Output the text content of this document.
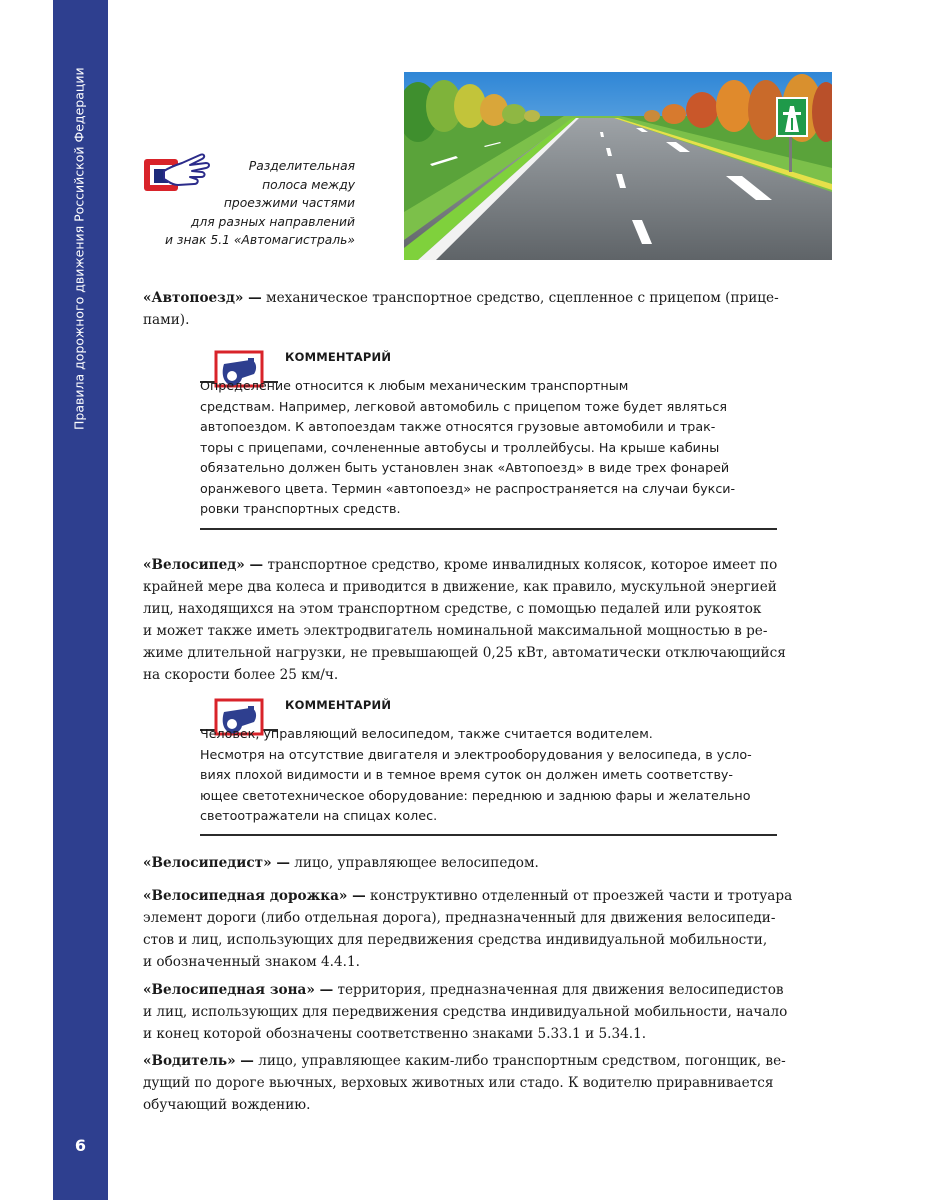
Правила дорожного движения Российской Федерации
6
Разделительная
полоса между
проезжими частями
для разных направлений
и знак 5.1 «Автомагистраль»

«Автопоезд» — механическое транспортное средство, сцепленное с прицепом (прице-
пами).

КОММЕНТАРИЙ
Определение относится к любым механическим транспортным
средствам. Например, легковой автомобиль с прицепом тоже будет являться
автопоездом. К автопоездам также относятся грузовые автомобили и трак-
торы с прицепами, сочлененные автобусы и троллейбусы. На крыше кабины
обязательно должен быть установлен знак «Автопоезд» в виде трех фонарей
оранжевого цвета. Термин «автопоезд» не распространяется на случаи букси-
ровки транспортных средств.

«Велосипед» — транспортное средство, кроме инвалидных колясок, которое имеет по
крайней мере два колеса и приводится в движение, как правило, мускульной энергией
лиц, находящихся на этом транспортном средстве, с помощью педалей или рукояток
и может также иметь электродвигатель номинальной максимальной мощностью в ре-
жиме длительной нагрузки, не превышающей 0,25 кВт, автоматически отключающийся
на скорости более 25 км/ч.

КОММЕНТАРИЙ
Человек, управляющий велосипедом, также считается водителем.
Несмотря на отсутствие двигателя и электрооборудования у велосипеда, в усло-
виях плохой видимости и в темное время суток он должен иметь соответству-
ющее светотехническое оборудование: переднюю и заднюю фары и желательно
светоотражатели на спицах колес.

«Велосипедист» — лицо, управляющее велосипедом.

«Велосипедная дорожка» — конструктивно отделенный от проезжей части и тротуара
элемент дороги (либо отдельная дорога), предназначенный для движения велосипеди-
стов и лиц, использующих для передвижения средства индивидуальной мобильности,
и обозначенный знаком 4.4.1.

«Велосипедная зона» — территория, предназначенная для движения велосипедистов
и лиц, использующих для передвижения средства индивидуальной мобильности, начало
и конец которой обозначены соответственно знаками 5.33.1 и 5.34.1.

«Водитель» — лицо, управляющее каким-либо транспортным средством, погонщик, ве-
дущий по дороге вьючных, верховых животных или стадо. К водителю приравнивается
обучающий вождению.
